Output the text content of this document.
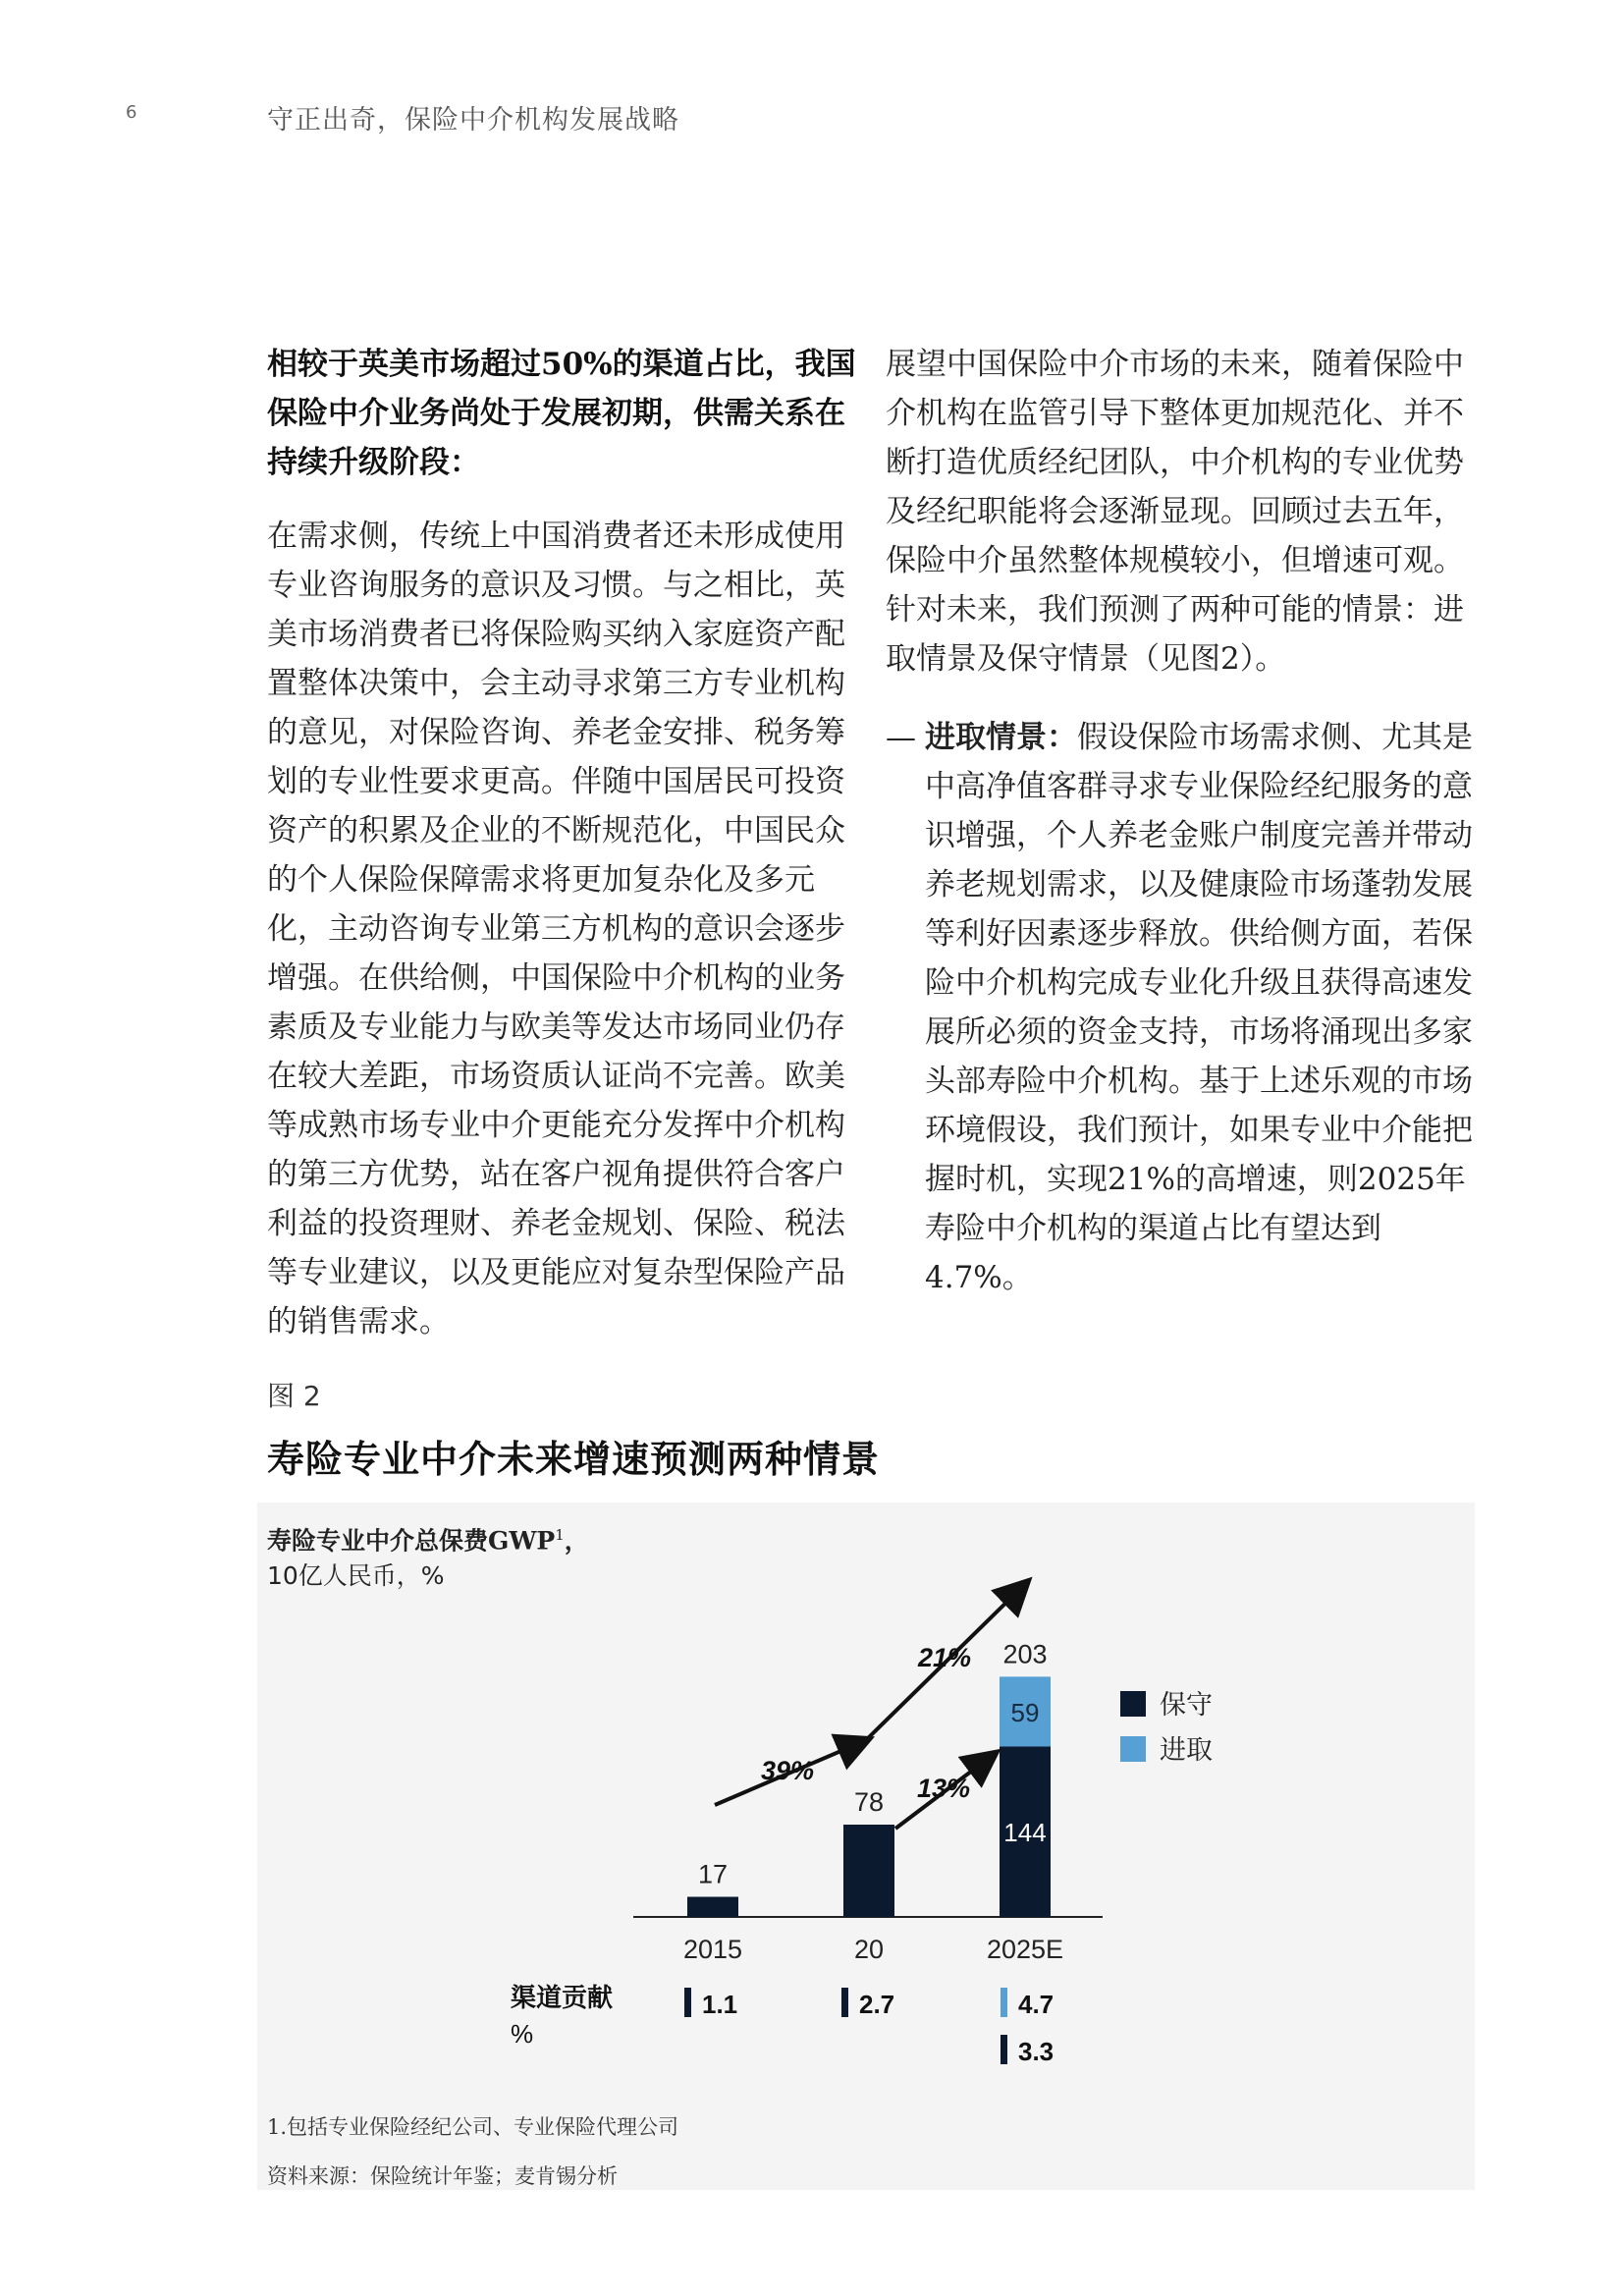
6	守正出奇，保险中介机构发展战略

相较于英美市场超过50%的渠道占比，我国保险中介业务尚处于发展初期，供需关系在持续升级阶段：

在需求侧，传统上中国消费者还未形成使用专业咨询服务的意识及习惯。与之相比，英美市场消费者已将保险购买纳入家庭资产配置整体决策中，会主动寻求第三方专业机构的意见，对保险咨询、养老金安排、税务筹划的专业性要求更高。伴随中国居民可投资资产的积累及企业的不断规范化，中国民众的个人保险保障需求将更加复杂化及多元化，主动咨询专业第三方机构的意识会逐步增强。在供给侧，中国保险中介机构的业务素质及专业能力与欧美等发达市场同业仍存在较大差距，市场资质认证尚不完善。欧美等成熟市场专业中介更能充分发挥中介机构的第三方优势，站在客户视角提供符合客户利益的投资理财、养老金规划、保险、税法等专业建议，以及更能应对复杂型保险产品的销售需求。

展望中国保险中介市场的未来，随着保险中介机构在监管引导下整体更加规范化、并不断打造优质经纪团队，中介机构的专业优势及经纪职能将会逐渐显现。回顾过去五年，保险中介虽然整体规模较小，但增速可观。针对未来，我们预测了两种可能的情景：进取情景及保守情景（见图2）。

— 进取情景：假设保险市场需求侧、尤其是中高净值客群寻求专业保险经纪服务的意识增强，个人养老金账户制度完善并带动养老规划需求，以及健康险市场蓬勃发展等利好因素逐步释放。供给侧方面，若保险中介机构完成专业化升级且获得高速发展所必须的资金支持，市场将涌现出多家头部寿险中介机构。基于上述乐观的市场环境假设，我们预计，如果专业中介能把握时机，实现21%的高增速，则2025年寿险中介机构的渠道占比有望达到4.7%。
图 2
寿险专业中介未来增速预测两种情景
寿险专业中介总保费GWP$^1$，
10亿人民币，%
17
2015
78
20
203
2025E
144
59
39%
21%
13%
保守
进取
渠道贡献
%
1.1	2.7	4.7
3.3
1.包括专业保险经纪公司、专业保险代理公司
资料来源：保险统计年鉴；麦肯锡分析
